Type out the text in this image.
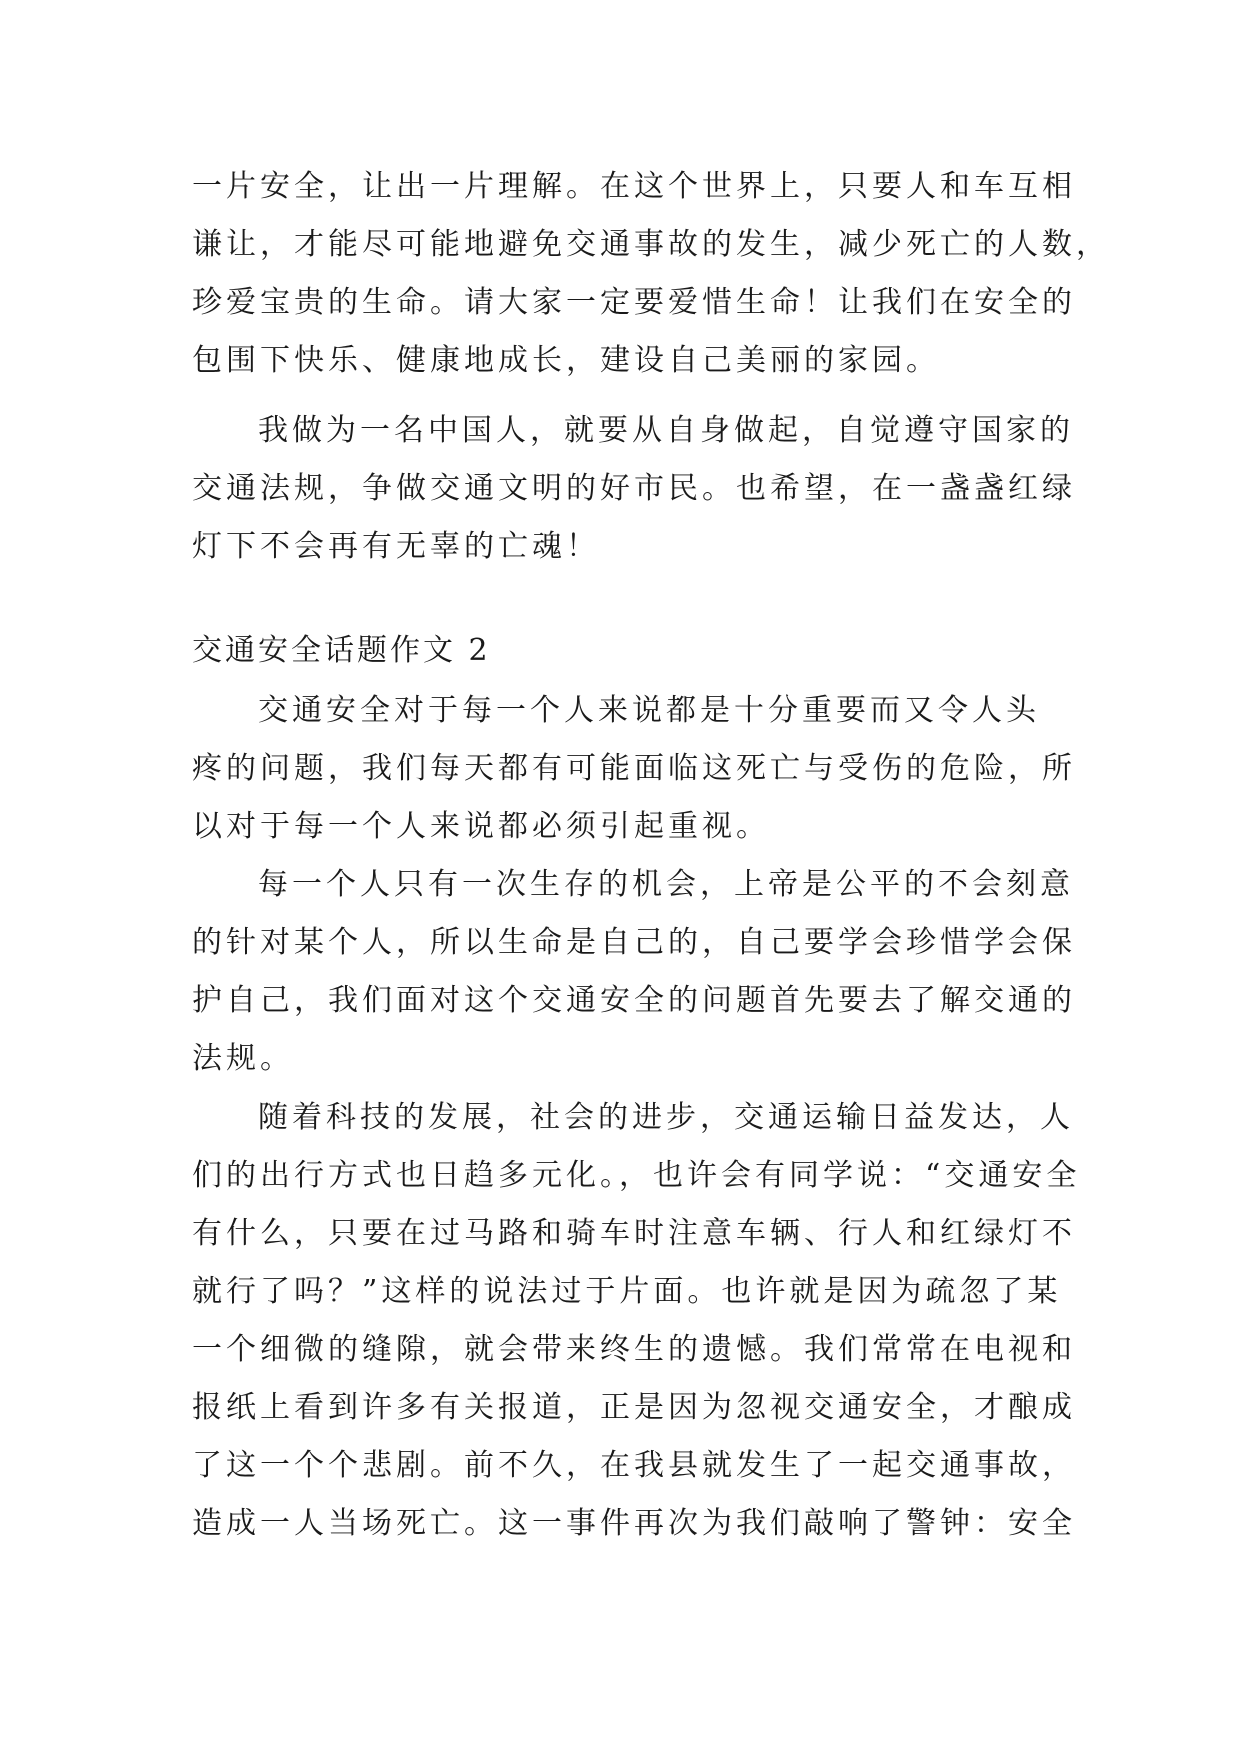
一片安全，让出一片理解。在这个世界上，只要人和车互相
谦让，才能尽可能地避免交通事故的发生，减少死亡的人数，
珍爱宝贵的生命。请大家一定要爱惜生命！让我们在安全的
包围下快乐、健康地成长，建设自己美丽的家园。
我做为一名中国人，就要从自身做起，自觉遵守国家的
交通法规，争做交通文明的好市民。也希望，在一盏盏红绿
灯下不会再有无辜的亡魂！
交通安全话题作文 2
交通安全对于每一个人来说都是十分重要而又令人头
疼的问题，我们每天都有可能面临这死亡与受伤的危险，所
以对于每一个人来说都必须引起重视。
每一个人只有一次生存的机会，上帝是公平的不会刻意
的针对某个人，所以生命是自己的，自己要学会珍惜学会保
护自己，我们面对这个交通安全的问题首先要去了解交通的
法规。
随着科技的发展，社会的进步，交通运输日益发达，人
们的出行方式也日趋多元化。，也许会有同学说：“交通安全
有什么，只要在过马路和骑车时注意车辆、行人和红绿灯不
就行了吗？”这样的说法过于片面。也许就是因为疏忽了某
一个细微的缝隙，就会带来终生的遗憾。我们常常在电视和
报纸上看到许多有关报道，正是因为忽视交通安全，才酿成
了这一个个悲剧。前不久，在我县就发生了一起交通事故，
造成一人当场死亡。这一事件再次为我们敲响了警钟：安全
